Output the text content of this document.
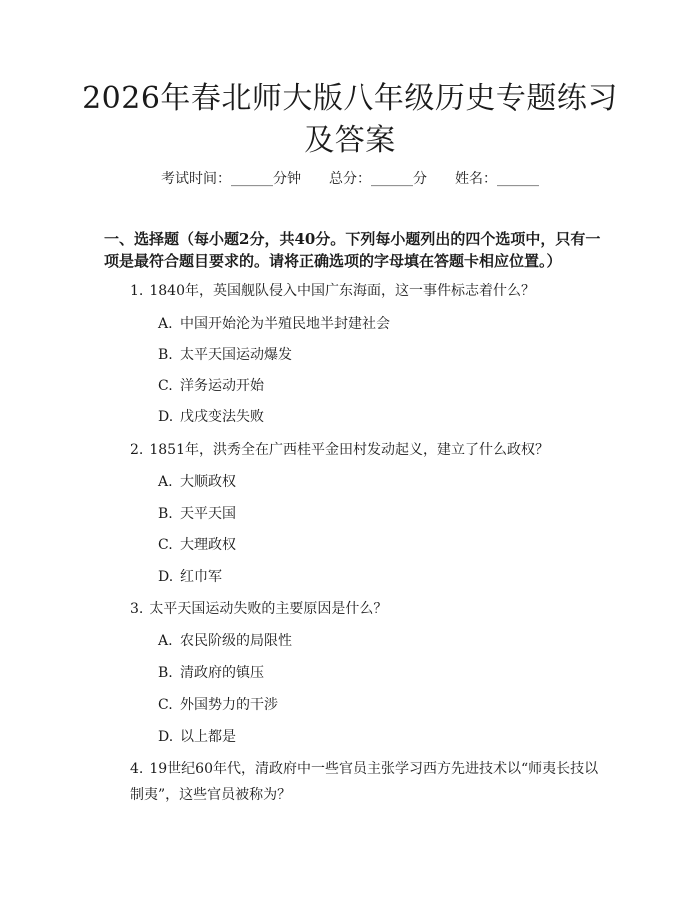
2026年春北师大版八年级历史专题练习及答案
考试时间：______分钟 总分：______分 姓名：______
一、选择题（每小题2分，共40分。下列每小题列出的四个选项中，只有一项是最符合题目要求的。请将正确选项的字母填在答题卡相应位置。）
1. 1840年，英国舰队侵入中国广东海面，这一事件标志着什么？
A. 中国开始沦为半殖民地半封建社会
B. 太平天国运动爆发
C. 洋务运动开始
D. 戊戌变法失败
2. 1851年，洪秀全在广西桂平金田村发动起义，建立了什么政权？
A. 大顺政权
B. 天平天国
C. 大理政权
D. 红巾军
3. 太平天国运动失败的主要原因是什么？
A. 农民阶级的局限性
B. 清政府的镇压
C. 外国势力的干涉
D. 以上都是
4. 19世纪60年代，清政府中一些官员主张学习西方先进技术以“师夷长技以制夷”，这些官员被称为？
